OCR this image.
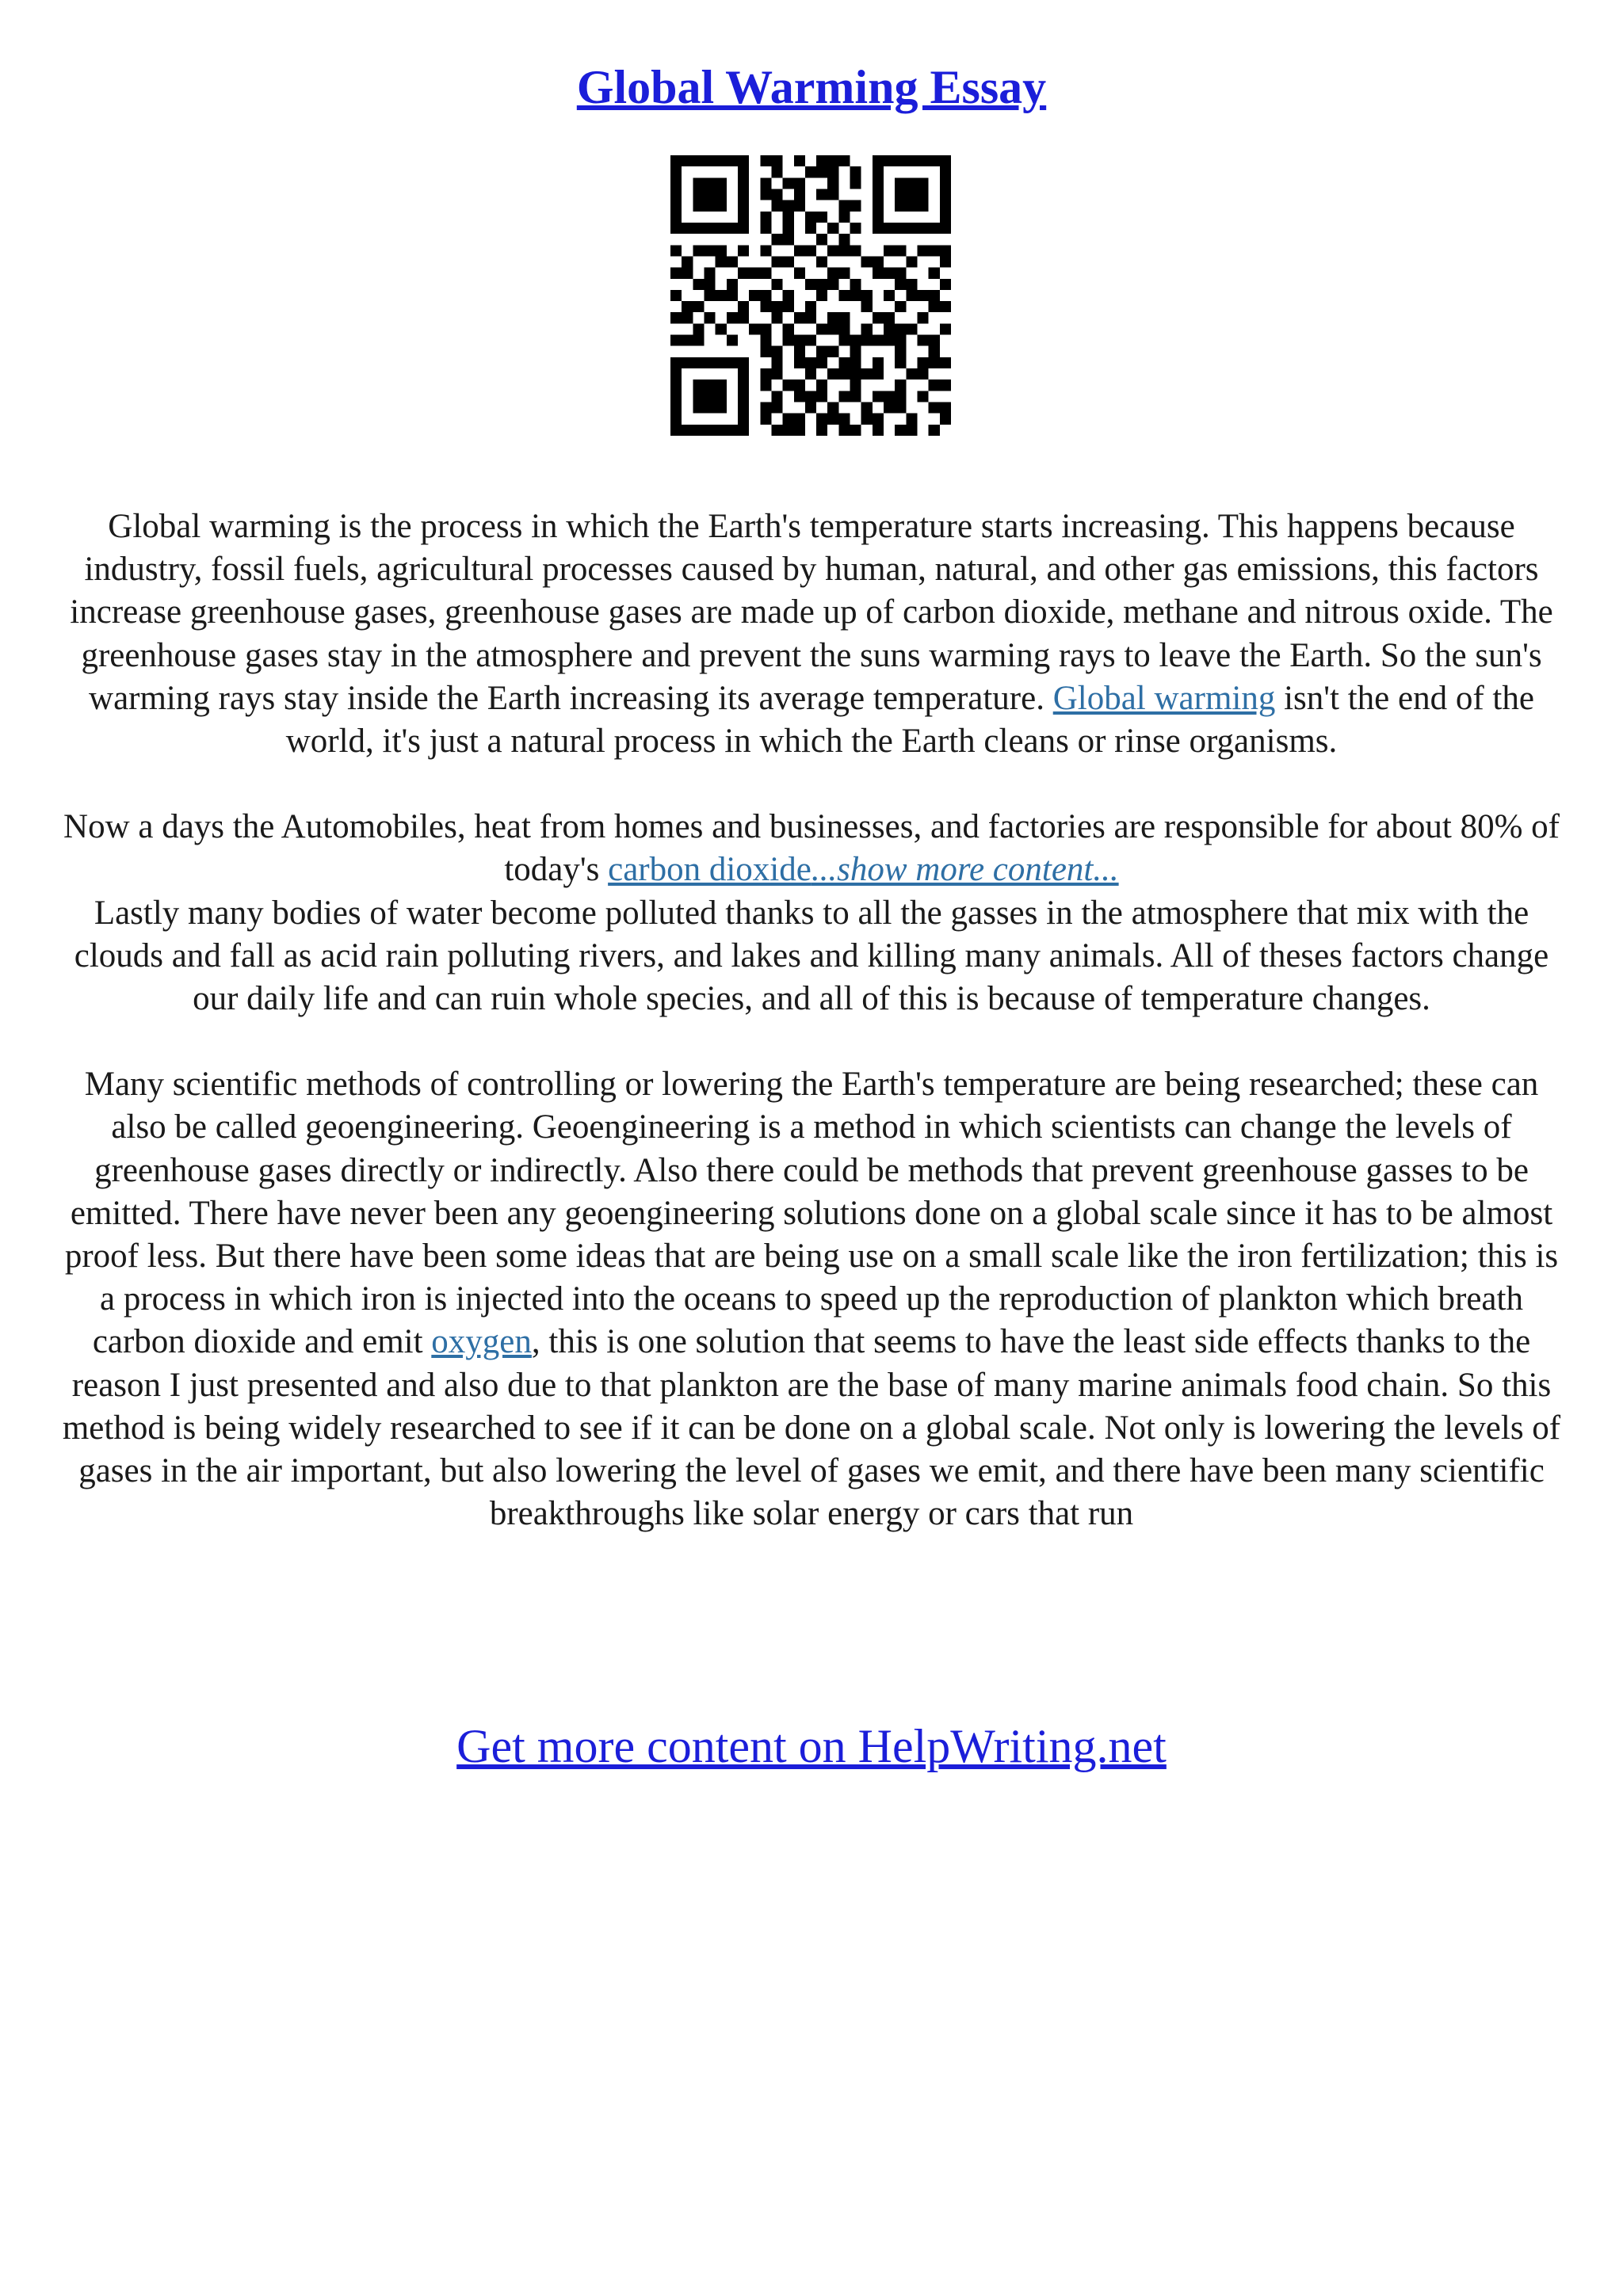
Global Warming Essay

Global warming is the process in which the Earth's temperature starts increasing. This happens because industry, fossil fuels, agricultural processes caused by human, natural, and other gas emissions, this factors increase greenhouse gases, greenhouse gases are made up of carbon dioxide, methane and nitrous oxide. The greenhouse gases stay in the atmosphere and prevent the suns warming rays to leave the Earth. So the sun's warming rays stay inside the Earth increasing its average temperature. Global warming isn't the end of the world, it's just a natural process in which the Earth cleans or rinse organisms.

Now a days the Automobiles, heat from homes and businesses, and factories are responsible for about 80% of today's carbon dioxide...show more content...
Lastly many bodies of water become polluted thanks to all the gasses in the atmosphere that mix with the clouds and fall as acid rain polluting rivers, and lakes and killing many animals. All of theses factors change our daily life and can ruin whole species, and all of this is because of temperature changes.

Many scientific methods of controlling or lowering the Earth's temperature are being researched; these can also be called geoengineering. Geoengineering is a method in which scientists can change the levels of greenhouse gases directly or indirectly. Also there could be methods that prevent greenhouse gasses to be emitted. There have never been any geoengineering solutions done on a global scale since it has to be almost proof less. But there have been some ideas that are being use on a small scale like the iron fertilization; this is a process in which iron is injected into the oceans to speed up the reproduction of plankton which breath carbon dioxide and emit oxygen, this is one solution that seems to have the least side effects thanks to the reason I just presented and also due to that plankton are the base of many marine animals food chain. So this method is being widely researched to see if it can be done on a global scale. Not only is lowering the levels of gases in the air important, but also lowering the level of gases we emit, and there have been many scientific breakthroughs like solar energy or cars that run

Get more content on HelpWriting.net
